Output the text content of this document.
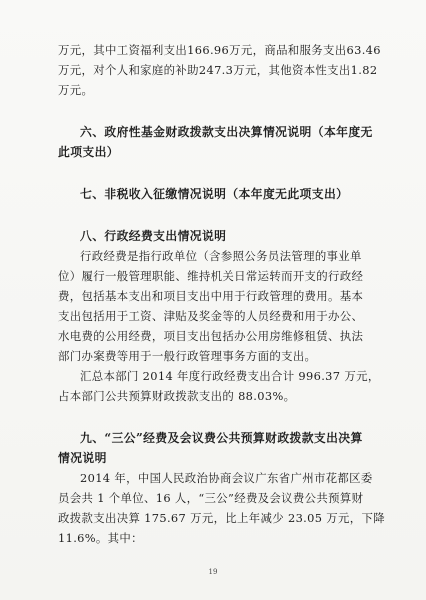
万元，其中工资福利支出166.96万元，商品和服务支出63.46
万元，对个人和家庭的补助247.3万元，其他资本性支出1.82
万元。
六、政府性基金财政拨款支出决算情况说明（本年度无
此项支出）
七、非税收入征缴情况说明（本年度无此项支出）
八、行政经费支出情况说明
行政经费是指行政单位（含参照公务员法管理的事业单
位）履行一般管理职能、维持机关日常运转而开支的行政经
费，包括基本支出和项目支出中用于行政管理的费用。基本
支出包括用于工资、津贴及奖金等的人员经费和用于办公、
水电费的公用经费，项目支出包括办公用房维修租赁、执法
部门办案费等用于一般行政管理事务方面的支出。
汇总本部门 2014 年度行政经费支出合计 996.37 万元，
占本部门公共预算财政拨款支出的 88.03%。
九、“三公”经费及会议费公共预算财政拨款支出决算
情况说明
2014 年，中国人民政治协商会议广东省广州市花都区委
员会共 1 个单位、16 人，“三公”经费及会议费公共预算财
政拨款支出决算 175.67 万元，比上年减少 23.05 万元，下降
11.6%。其中：
19
